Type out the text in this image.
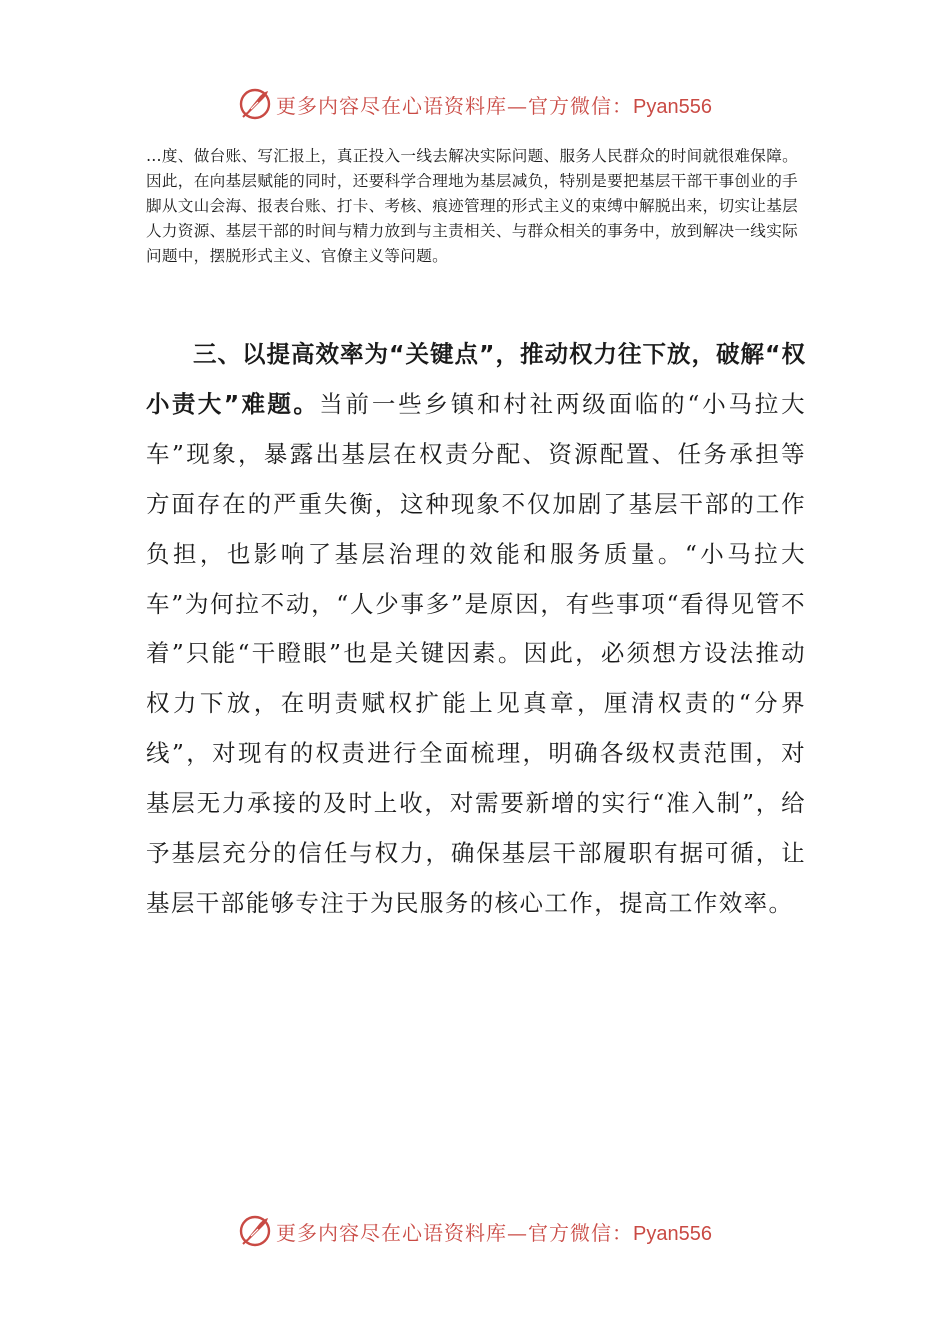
更多内容尽在心语资料库—官方微信：Pyan556

…度、做台账、写汇报上，真正投入一线去解决实际问题、服务人民群众的时间就很难保障。因此，在向基层赋能的同时，还要科学合理地为基层减负，特别是要把基层干部干事创业的手脚从文山会海、报表台账、打卡、考核、痕迹管理的形式主义的束缚中解脱出来，切实让基层人力资源、基层干部的时间与精力放到与主责相关、与群众相关的事务中，放到解决一线实际问题中，摆脱形式主义、官僚主义等问题。

三、以提高效率为“关键点”，推动权力往下放，破解“权小责大”难题。当前一些乡镇和村社两级面临的“小马拉大车”现象，暴露出基层在权责分配、资源配置、任务承担等方面存在的严重失衡，这种现象不仅加剧了基层干部的工作负担，也影响了基层治理的效能和服务质量。“小马拉大车”为何拉不动，“人少事多”是原因，有些事项“看得见管不着”只能“干瞪眼”也是关键因素。因此，必须想方设法推动权力下放，在明责赋权扩能上见真章，厘清权责的“分界线”，对现有的权责进行全面梳理，明确各级权责范围，对基层无力承接的及时上收，对需要新增的实行“准入制”，给予基层充分的信任与权力，确保基层干部履职有据可循，让基层干部能够专注于为民服务的核心工作，提高工作效率。

更多内容尽在心语资料库—官方微信：Pyan556
